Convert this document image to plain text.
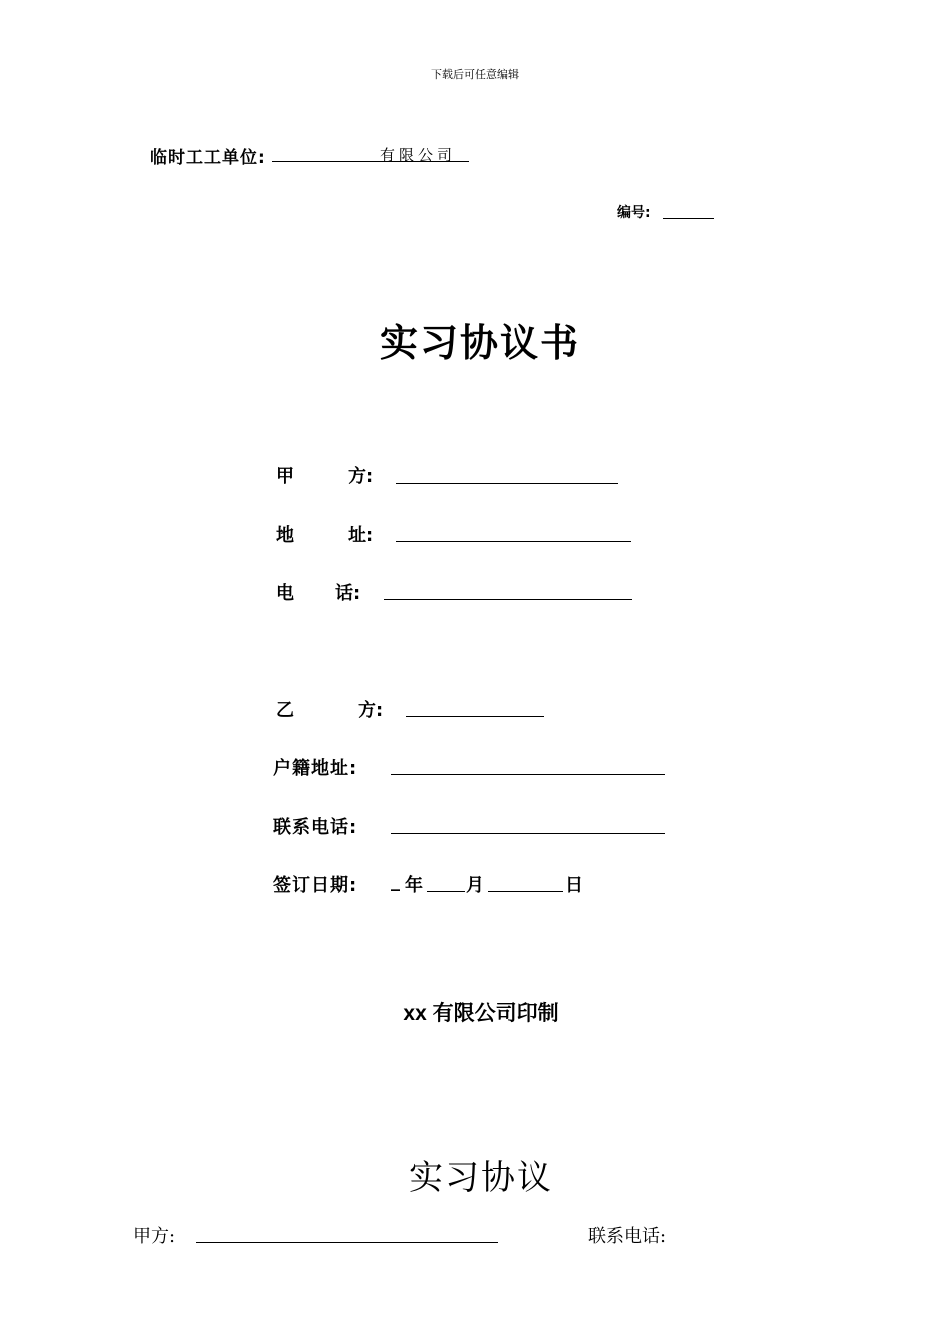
下载后可任意编辑
临时工工单位:	有限公司
编号:
实习协议书
甲	方:
地	址:
电 话:
乙	方:
户籍地址:
联系电话:
签订日期: _ 年 月	日
xx 有限公司印制
实习协议
甲方:	联系电话:
